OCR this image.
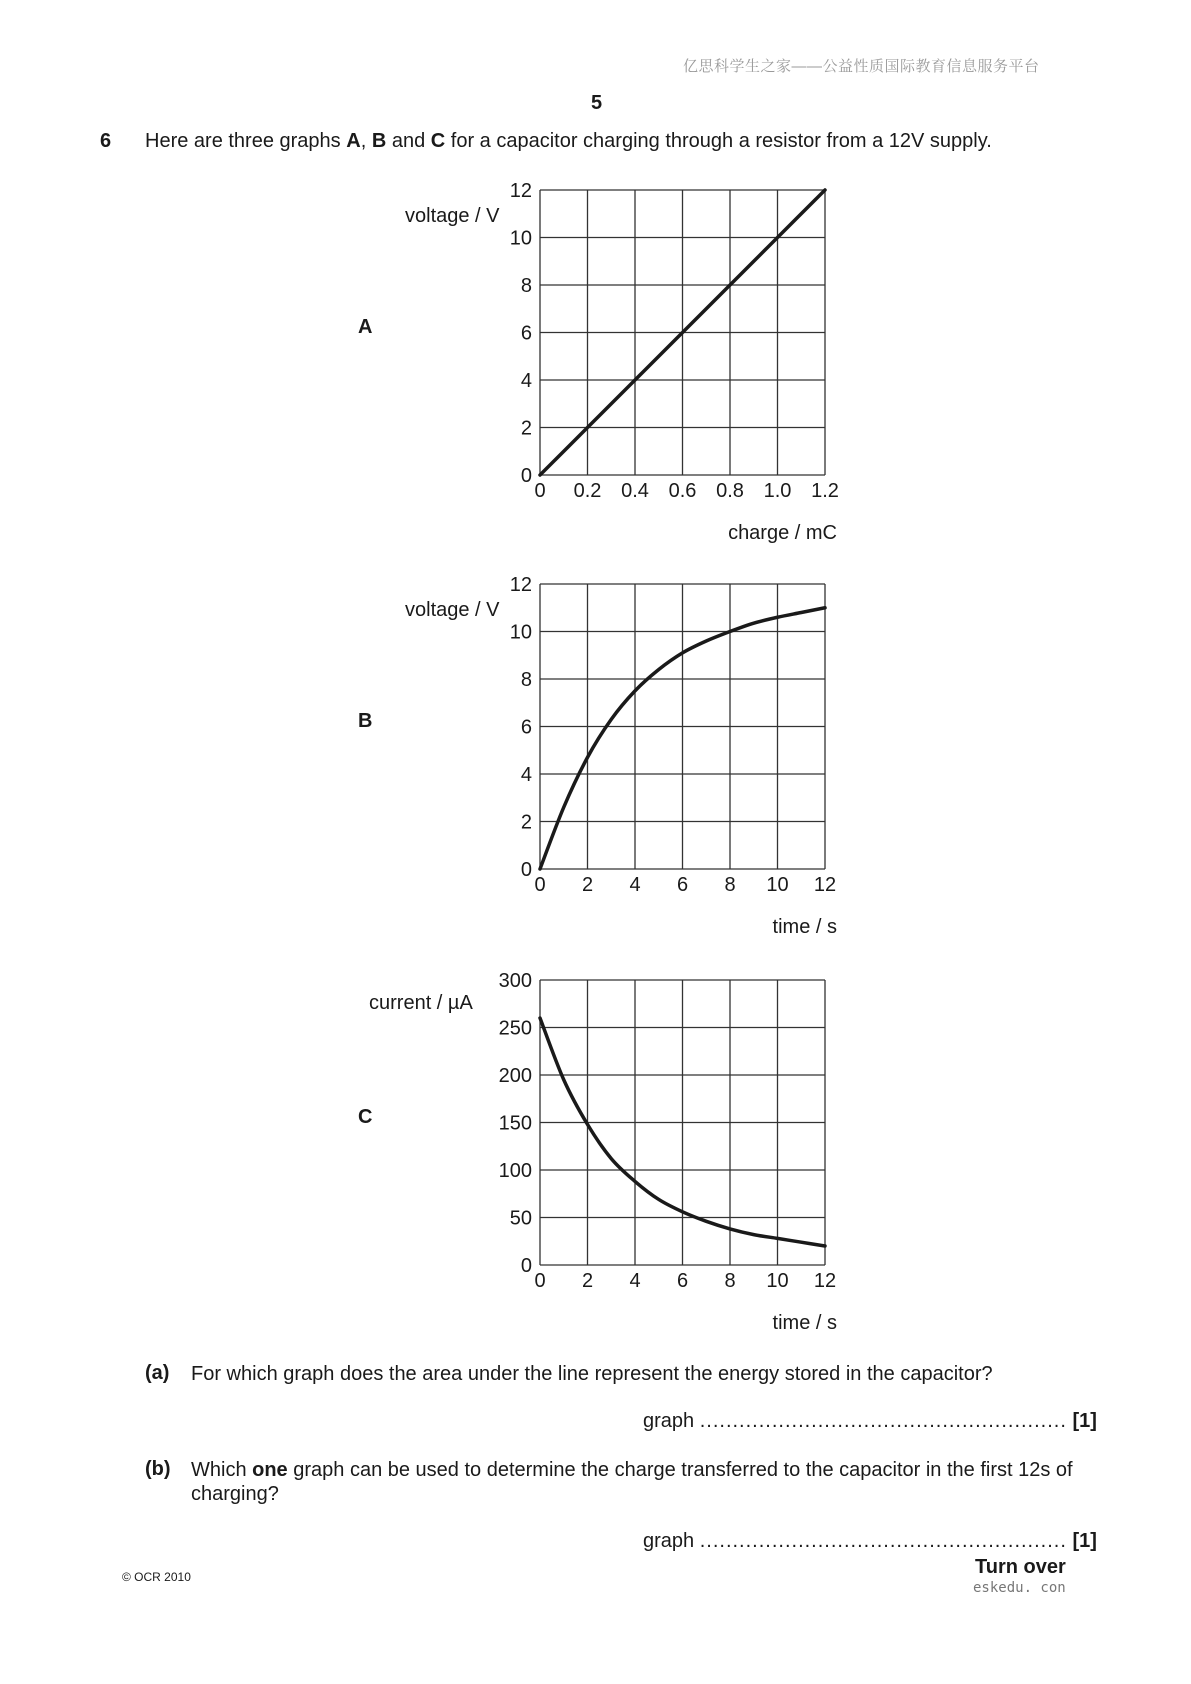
亿思科学生之家——公益性质国际教育信息服务平台
5
6 Here are three graphs A, B and C for a capacitor charging through a resistor from a 12V supply.
A
B
C
0 0.2 0.4 0.6 0.8 1.0 1.2
0
2
4
6
8
10
12
voltage / V
charge / mC
0 2 4 6 8 10 12
0
2
4
6
8
10
12
voltage / V
time / s
0 2 4 6 8 10 12
0
50
100
150
200
250
300
current / µA
time / s
(a) For which graph does the area under the line represent the energy stored in the capacitor?
graph ........................................................ [1]
(b) Which one graph can be used to determine the charge transferred to the capacitor in the first 12s of charging?
graph ........................................................ [1]
© OCR 2010	Turn over
eskedu. con
